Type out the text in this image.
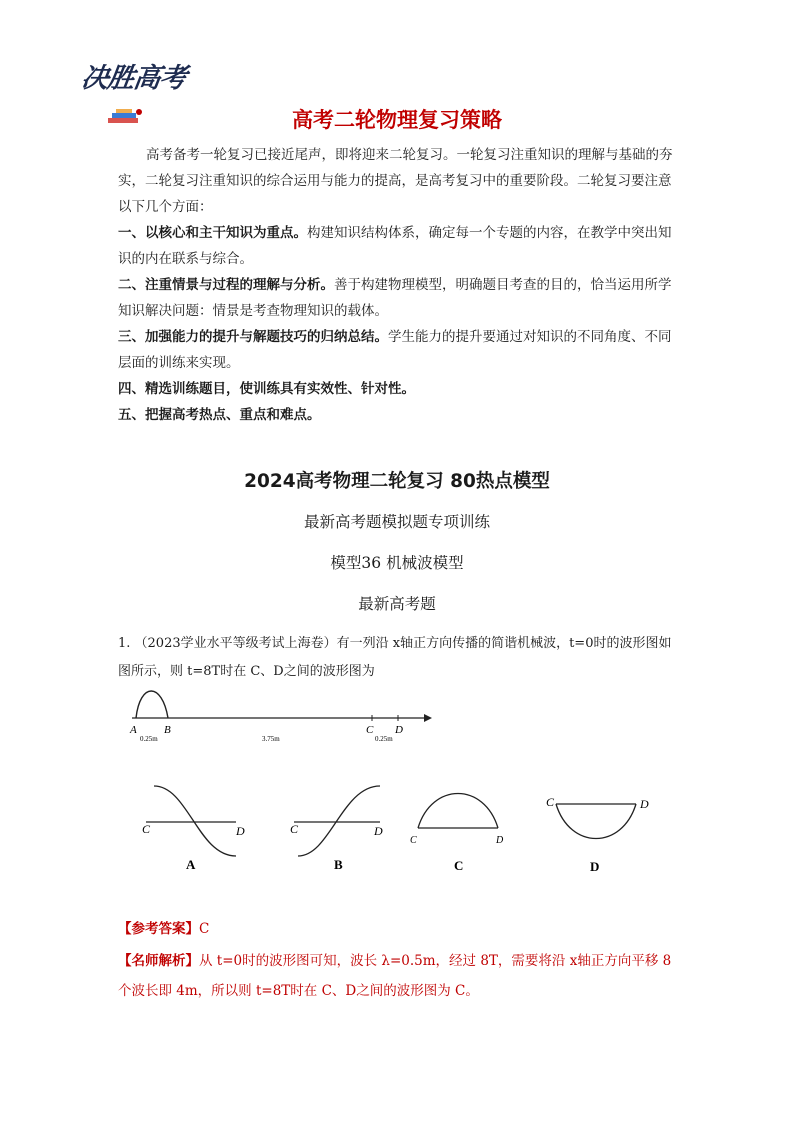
决胜高考
高考二轮物理复习策略
高考备考一轮复习已接近尾声，即将迎来二轮复习。一轮复习注重知识的理解与基础的夯实，二轮复习注重知识的综合运用与能力的提高，是高考复习中的重要阶段。二轮复习要注意以下几个方面：
一、以核心和主干知识为重点。构建知识结构体系，确定每一个专题的内容，在教学中突出知识的内在联系与综合。
二、注重情景与过程的理解与分析。善于构建物理模型，明确题目考查的目的，恰当运用所学知识解决问题：情景是考查物理知识的载体。
三、加强能力的提升与解题技巧的归纳总结。学生能力的提升要通过对知识的不同角度、不同层面的训练来实现。
四、精选训练题目，使训练具有实效性、针对性。
五、把握高考热点、重点和难点。
2024高考物理二轮复习 80热点模型
最新高考题模拟题专项训练
模型36 机械波模型
最新高考题
1. （2023学业水平等级考试上海卷）有一列沿 x轴正方向传播的简谐机械波，t=0时的波形图如图所示，则 t=8T时在 C、D之间的波形图为
A B	C D
0.25m	3.75m	0.25m
C	D
A
C	D
B
C	D
C
C	D
D
【参考答案】C
【名师解析】从 t=0时的波形图可知，波长 λ=0.5m，经过 8T，需要将沿 x轴正方向平移 8个波长即 4m，所以则 t=8T时在 C、D之间的波形图为 C。
